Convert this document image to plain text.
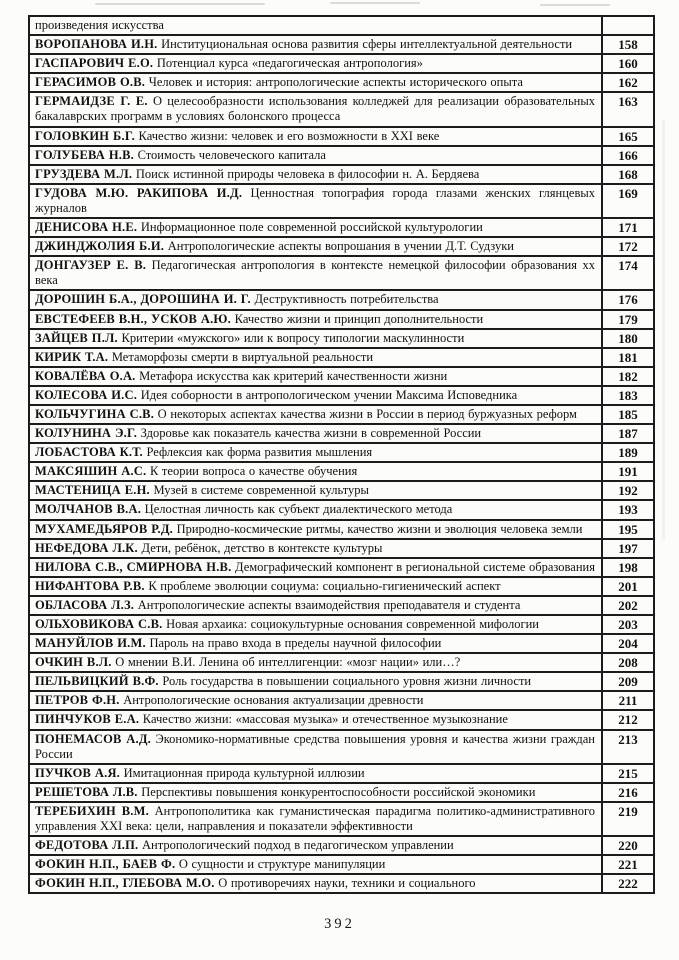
произведения искусства	
ВОРОПАНОВА И.Н. Институциональная основа развития сферы интеллектуальной деятельности	158
ГАСПАРОВИЧ Е.О. Потенциал курса «педагогическая антропология»	160
ГЕРАСИМОВ О.В. Человек и история: антропологические аспекты исторического опыта	162
ГЕРМАИДЗЕ Г. Е. О целесообразности использования колледжей для реализации образовательных бакалаврских программ в условиях болонского процесса	163
ГОЛОВКИН Б.Г. Качество жизни: человек и его возможности в XXI веке	165
ГОЛУБЕВА Н.В. Стоимость человеческого капитала	166
ГРУЗДЕВА М.Л. Поиск истинной природы человека в философии н. А. Бердяева	168
ГУДОВА М.Ю. РАКИПОВА И.Д. Ценностная топография города глазами женских глянцевых журналов	169
ДЕНИСОВА Н.Е. Информационное поле современной российской культурологии	171
ДЖИНДЖОЛИЯ Б.И. Антропологические аспекты вопрошания в учении Д.Т. Судзуки	172
ДОНГАУЗЕР Е. В. Педагогическая антропология в контексте немецкой философии образования xx века	174
ДОРОШИН Б.А., ДОРОШИНА И. Г. Деструктивность потребительства	176
ЕВСТЕФЕЕВ В.Н., УСКОВ А.Ю. Качество жизни и принцип дополнительности	179
ЗАЙЦЕВ П.Л. Критерии «мужского» или к вопросу типологии маскулинности	180
КИРИК Т.А. Метаморфозы смерти в виртуальной реальности	181
КОВАЛЁВА О.А. Метафора искусства как критерий качественности жизни	182
КОЛЕСОВА И.С. Идея соборности в антропологическом учении Максима Исповедника	183
КОЛЬЧУГИНА С.В. О некоторых аспектах качества жизни в России в период буржуазных реформ	185
КОЛУНИНА Э.Г. Здоровье как показатель качества жизни в современной России	187
ЛОБАСТОВА К.Т. Рефлексия как форма развития мышления	189
МАКСЯШИН А.С. К теории вопроса о качестве обучения	191
МАСТЕНИЦА Е.Н. Музей в системе современной культуры	192
МОЛЧАНОВ В.А. Целостная личность как субъект диалектического метода	193
МУХАМЕДЬЯРОВ Р.Д. Природно-космические ритмы, качество жизни и эволюция человека земли	195
НЕФЕДОВА Л.К. Дети, ребёнок, детство в контексте культуры	197
НИЛОВА С.В., СМИРНОВА Н.В. Демографический компонент в региональной системе образования	198
НИФАНТОВА Р.В. К проблеме эволюции социума: социально-гигиенический аспект	201
ОБЛАСОВА Л.З. Антропологические аспекты взаимодействия преподавателя и студента	202
ОЛЬХОВИКОВА С.В. Новая архаика: социокультурные основания современной мифологии	203
МАНУЙЛОВ И.М. Пароль на право входа в пределы научной философии	204
ОЧКИН В.Л. О мнении В.И. Ленина об интеллигенции: «мозг нации» или…?	208
ПЕЛЬВИЦКИЙ В.Ф. Роль государства в повышении социального уровня жизни личности	209
ПЕТРОВ Ф.Н. Антропологические основания актуализации древности	211
ПИНЧУКОВ Е.А. Качество жизни: «массовая музыка» и отечественное музыкознание	212
ПОНЕМАСОВ А.Д. Экономико-нормативные средства повышения уровня и качества жизни граждан России	213
ПУЧКОВ А.Я. Имитационная природа культурной иллюзии	215
РЕШЕТОВА Л.В. Перспективы повышения конкурентоспособности российской экономики	216
ТЕРЕБИХИН В.М. Антропополитика как гуманистическая парадигма политико-административного управления XXI века: цели, направления и показатели эффективности	219
ФЕДОТОВА Л.П. Антропологический подход в педагогическом управлении	220
ФОКИН Н.П., БАЕВ Ф. О сущности и структуре манипуляции	221
ФОКИН Н.П., ГЛЕБОВА М.О. О противоречиях науки, техники и социального	222
392
